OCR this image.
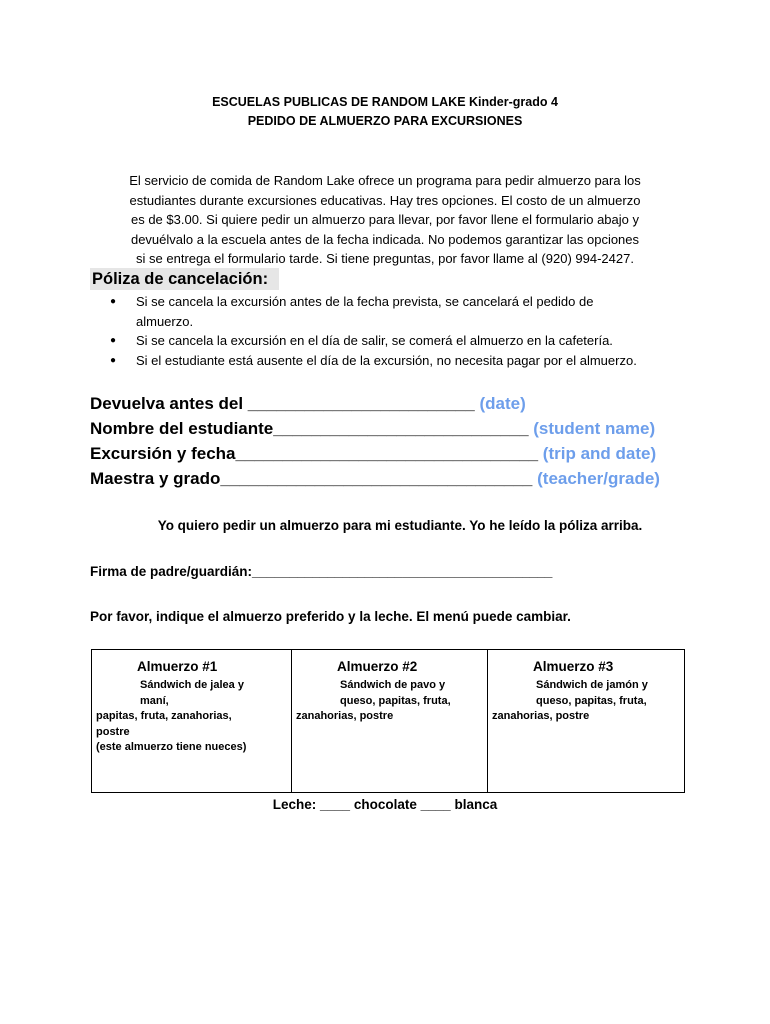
ESCUELAS PUBLICAS DE RANDOM LAKE Kinder-grado 4
PEDIDO DE ALMUERZO PARA EXCURSIONES
El servicio de comida de Random Lake ofrece un programa para pedir almuerzo para los
estudiantes durante excursiones educativas. Hay tres opciones. El costo de un almuerzo
es de $3.00. Si quiere pedir un almuerzo para llevar, por favor llene el formulario abajo y
devuélvalo a la escuela antes de la fecha indicada. No podemos garantizar las opciones
si se entrega el formulario tarde. Si tiene preguntas, por favor llame al (920) 994-2427.
Póliza de cancelación:
● Si se cancela la excursión antes de la fecha prevista, se cancelará el pedido de
almuerzo.
● Si se cancela la excursión en el día de salir, se comerá el almuerzo en la cafetería.
● Si el estudiante está ausente el día de la excursión, no necesita pagar por el almuerzo.
Devuelva antes del ________________________ (date)
Nombre del estudiante___________________________ (student name)
Excursión y fecha________________________________ (trip and date)
Maestra y grado_________________________________ (teacher/grade)
Yo quiero pedir un almuerzo para mi estudiante. Yo he leído la póliza arriba.
Firma de padre/guardián:________________________________________
Por favor, indique el almuerzo preferido y la leche. El menú puede cambiar.
Almuerzo #1
Sándwich de jalea y
maní,
papitas, fruta, zanahorias,
postre
(este almuerzo tiene nueces)

Almuerzo #2
Sándwich de pavo y
queso, papitas, fruta,
zanahorias, postre

Almuerzo #3
Sándwich de jamón y
queso, papitas, fruta,
zanahorias, postre
Leche: ____ chocolate ____ blanca
